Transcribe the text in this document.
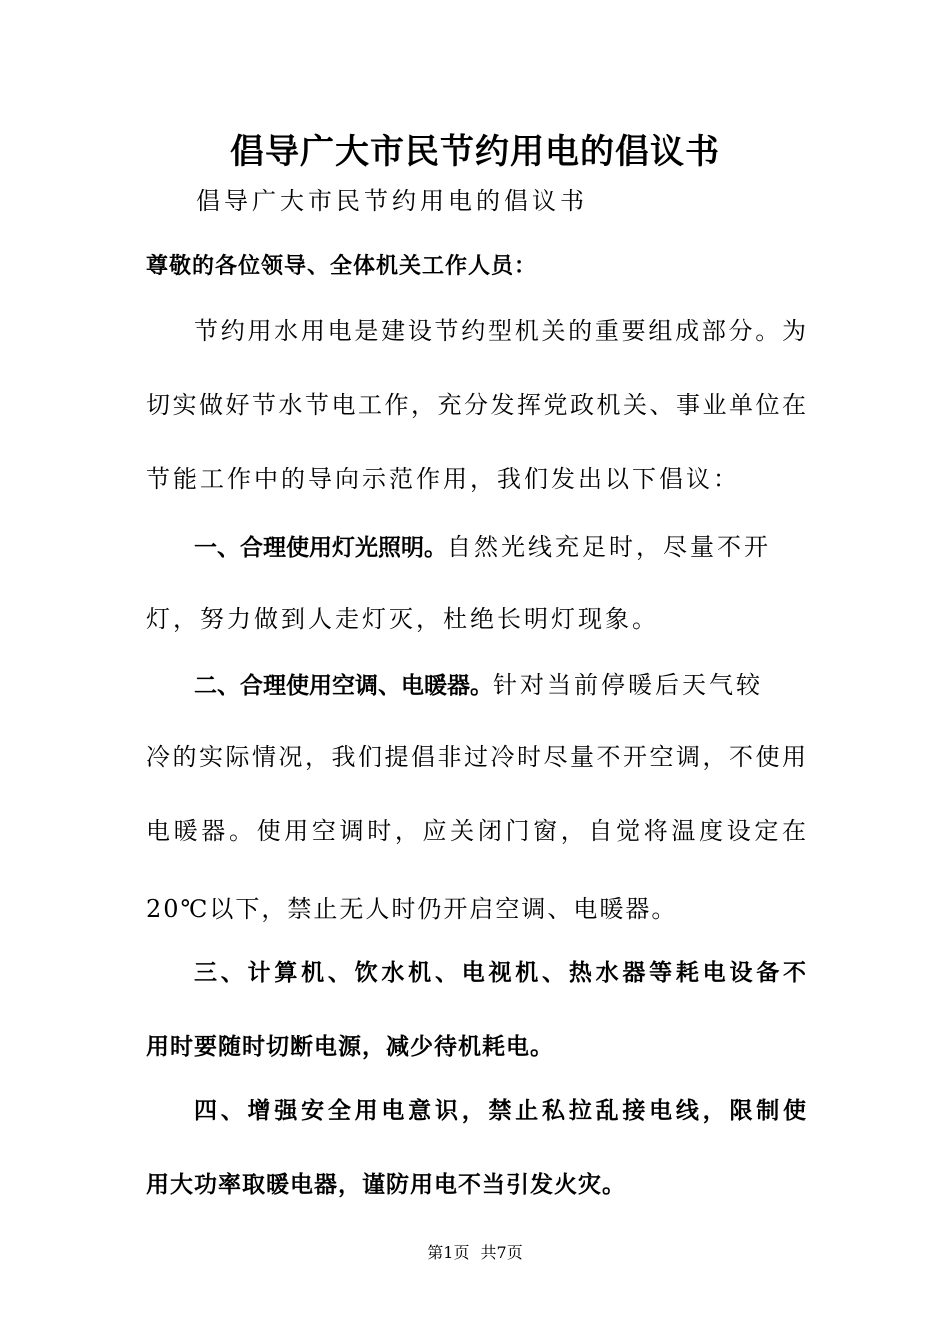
倡导广大市民节约用电的倡议书
倡导广大市民节约用电的倡议书
尊敬的各位领导、全体机关工作人员：
节约用水用电是建设节约型机关的重要组成部分。为
切实做好节水节电工作，充分发挥党政机关、事业单位在
节能工作中的导向示范作用，我们发出以下倡议：
一、合理使用灯光照明。自然光线充足时，尽量不开
灯，努力做到人走灯灭，杜绝长明灯现象。
二、合理使用空调、电暖器。针对当前停暖后天气较
冷的实际情况，我们提倡非过冷时尽量不开空调，不使用
电暖器。使用空调时，应关闭门窗，自觉将温度设定在
20℃以下，禁止无人时仍开启空调、电暖器。
三、计算机、饮水机、电视机、热水器等耗电设备不
用时要随时切断电源，减少待机耗电。
四、增强安全用电意识，禁止私拉乱接电线，限制使
用大功率取暖电器，谨防用电不当引发火灾。
第1页 共7页
